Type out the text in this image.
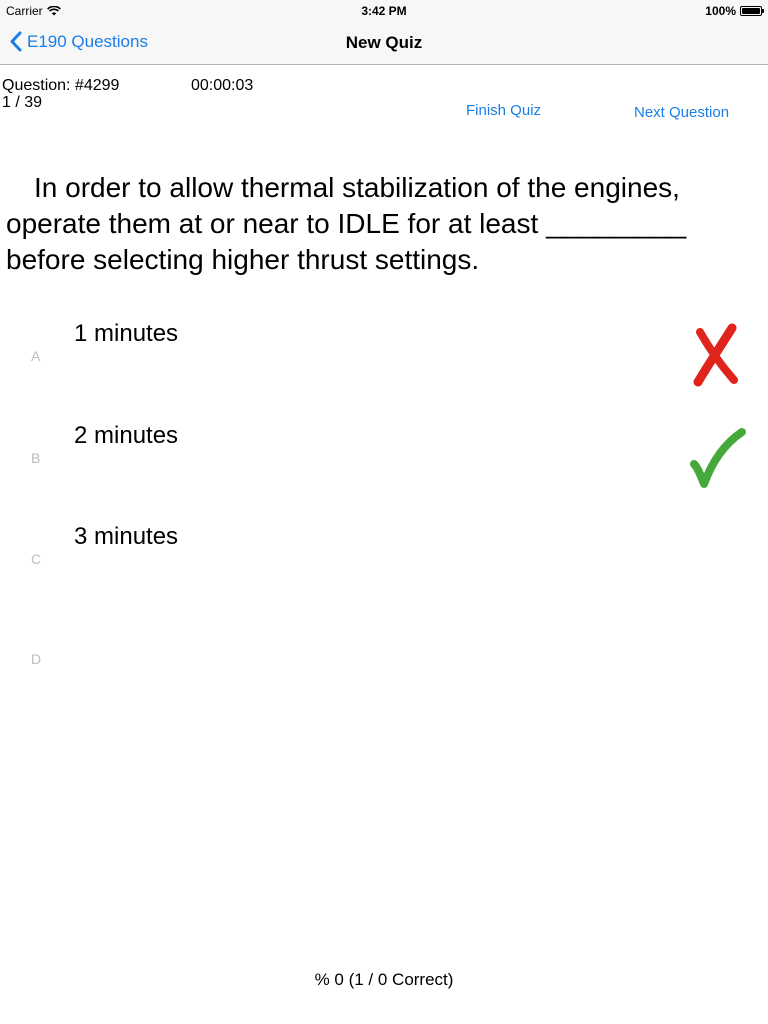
Carrier	3:42 PM	100%
E190 Questions	New Quiz
Question: #4299
1 / 39
00:00:03
Finish Quiz	Next Question
In order to allow thermal stabilization of the engines, operate them at or near to IDLE for at least _________ before selecting higher thrust settings.
A
1 minutes
B
2 minutes
C
3 minutes
D
% 0 (1 / 0 Correct)
